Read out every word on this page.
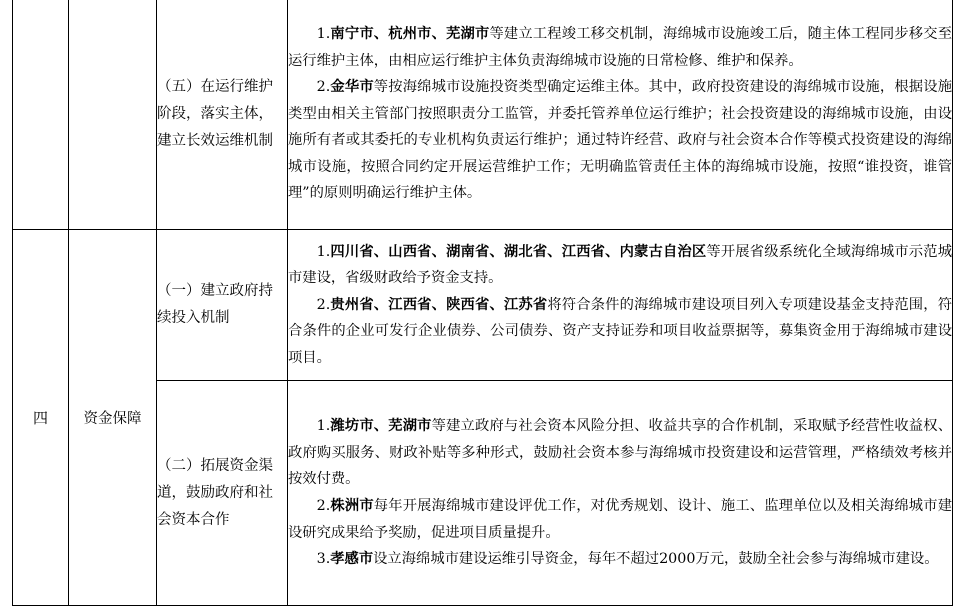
		（五）在运行维护阶段，落实主体，建立长效运维机制	1.南宁市、杭州市、芜湖市等建立工程竣工移交机制，海绵城市设施竣工后，随主体工程同步移交至运行维护主体，由相应运行维护主体负责海绵城市设施的日常检修、维护和保养。

2.金华市等按海绵城市设施投资类型确定运维主体。其中，政府投资建设的海绵城市设施，根据设施类型由相关主管部门按照职责分工监管，并委托管养单位运行维护；社会投资建设的海绵城市设施，由设施所有者或其委托的专业机构负责运行维护；通过特许经营、政府与社会资本合作等模式投资建设的海绵城市设施，按照合同约定开展运营维护工作；无明确监管责任主体的海绵城市设施，按照“谁投资，谁管理”的原则明确运行维护主体。

四	资金保障	（一）建立政府持续投入机制	1.四川省、山西省、湖南省、湖北省、江西省、内蒙古自治区等开展省级系统化全域海绵城市示范城市建设，省级财政给予资金支持。

2.贵州省、江西省、陕西省、江苏省将符合条件的海绵城市建设项目列入专项建设基金支持范围，符合条件的企业可发行企业债券、公司债券、资产支持证券和项目收益票据等，募集资金用于海绵城市建设项目。

		（二）拓展资金渠道，鼓励政府和社会资本合作	1.潍坊市、芜湖市等建立政府与社会资本风险分担、收益共享的合作机制，采取赋予经营性收益权、政府购买服务、财政补贴等多种形式，鼓励社会资本参与海绵城市投资建设和运营管理，严格绩效考核并按效付费。

2.株洲市每年开展海绵城市建设评优工作，对优秀规划、设计、施工、监理单位以及相关海绵城市建设研究成果给予奖励，促进项目质量提升。

3.孝感市设立海绵城市建设运维引导资金，每年不超过2000万元，鼓励全社会参与海绵城市建设。
